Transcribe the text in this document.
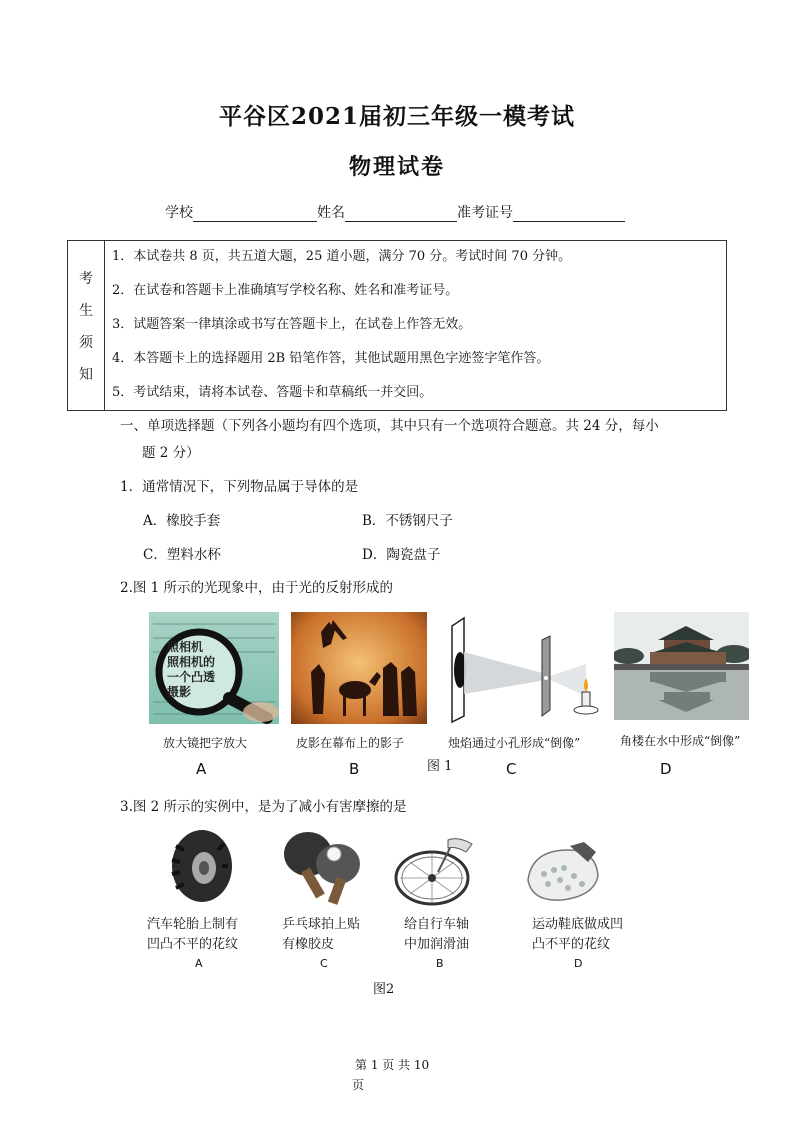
平谷区2021届初三年级一模考试
物理试卷
学校	姓名	准考证号
考
生
须
知
1．本试卷共 8 页，共五道大题，25 道小题，满分 70 分。考试时间 70 分钟。
2．在试卷和答题卡上准确填写学校名称、姓名和准考证号。
3．试题答案一律填涂或书写在答题卡上，在试卷上作答无效。
4．本答题卡上的选择题用 2B 铅笔作答，其他试题用黑色字迹签字笔作答。
5．考试结束，请将本试卷、答题卡和草稿纸一并交回。
一、单项选择题（下列各小题均有四个选项，其中只有一个选项符合题意。共 24 分，每小
题 2 分）
1．通常情况下，下列物品属于导体的是
A．橡胶手套	B．不锈钢尺子
C．塑料水杯	D．陶瓷盘子
2.图 1 所示的光现象中，由于光的反射形成的
照相机
照相机的
一个凸透
摄影
放大镜把字放大	皮影在幕布上的影子	烛焰通过小孔形成“倒像”	角楼在水中形成“倒像”
A	B	图 1	C	D
3.图 2 所示的实例中，是为了减小有害摩擦的是
汽车轮胎上制有
凹凸不平的花纹
乒乓球拍上贴
有橡胶皮
给自行车轴
中加润滑油
运动鞋底做成凹
凸不平的花纹
A	C	B	D
图2
第 1 页 共 10
页
